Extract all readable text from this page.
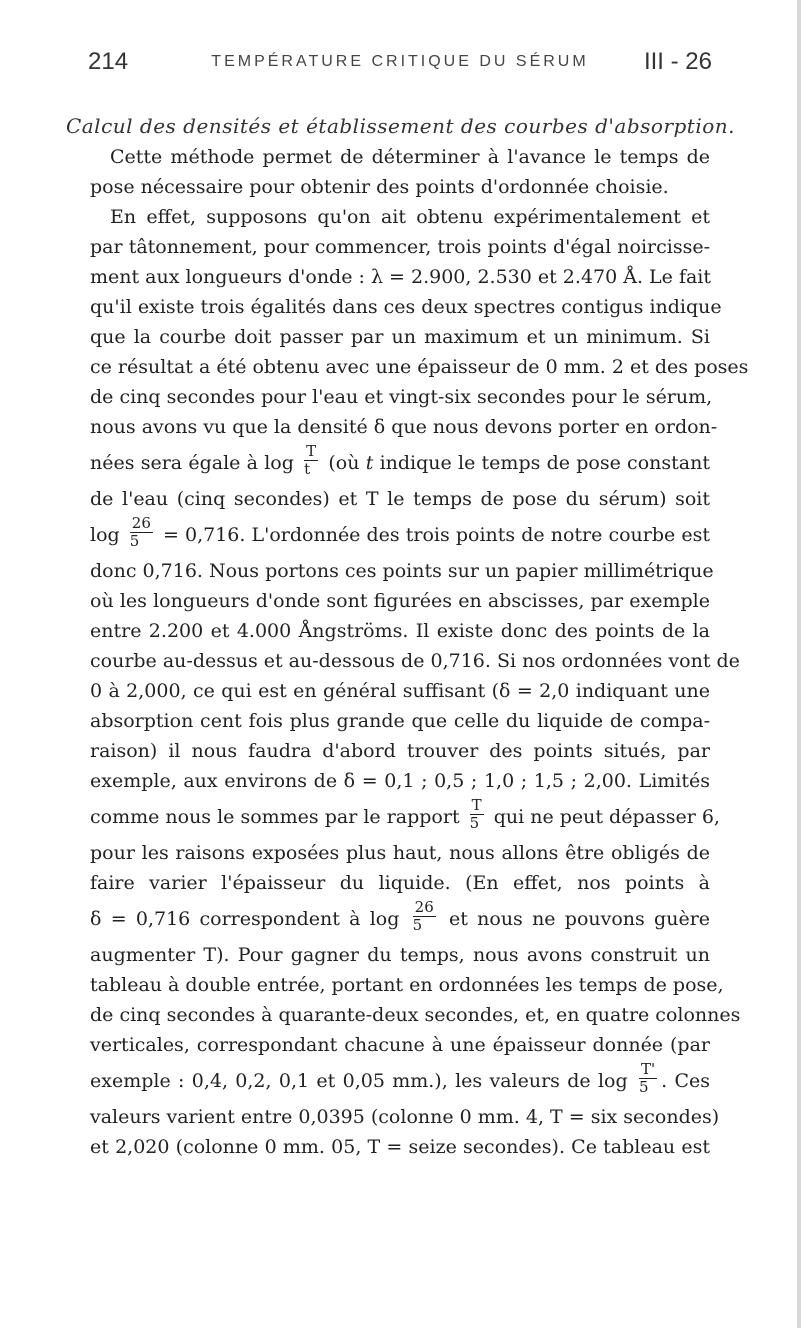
214	TEMPÉRATURE CRITIQUE DU SÉRUM	III - 26
Calcul des densités et établissement des courbes d'absorption.
Cette méthode permet de déterminer à l'avance le temps de
pose nécessaire pour obtenir des points d'ordonnée choisie.
En effet, supposons qu'on ait obtenu expérimentalement et
par tâtonnement, pour commencer, trois points d'égal noircisse-
ment aux longueurs d'onde : λ = 2.900, 2.530 et 2.470 Å. Le fait
qu'il existe trois égalités dans ces deux spectres contigus indique
que la courbe doit passer par un maximum et un minimum. Si
ce résultat a été obtenu avec une épaisseur de 0 mm. 2 et des poses
de cinq secondes pour l'eau et vingt-six secondes pour le sérum,
nous avons vu que la densité δ que nous devons porter en ordon-
nées sera égale à $\log \frac{T}{t}$ (où t indique le temps de pose constant
de l'eau (cinq secondes) et T le temps de pose du sérum) soit
$\log \frac{26}{5} = 0,716$. L'ordonnée des trois points de notre courbe est
donc 0,716. Nous portons ces points sur un papier millimétrique
où les longueurs d'onde sont figurées en abscisses, par exemple
entre 2.200 et 4.000 Ångströms. Il existe donc des points de la
courbe au-dessus et au-dessous de 0,716. Si nos ordonnées vont de
0 à 2,000, ce qui est en général suffisant (δ = 2,0 indiquant une
absorption cent fois plus grande que celle du liquide de compa-
raison) il nous faudra d'abord trouver des points situés, par
exemple, aux environs de δ = 0,1 ; 0,5 ; 1,0 ; 1,5 ; 2,00. Limités
comme nous le sommes par le rapport $\frac{T}{5}$ qui ne peut dépasser 6,
pour les raisons exposées plus haut, nous allons être obligés de
faire varier l'épaisseur du liquide. (En effet, nos points à
δ = 0,716 correspondent à $\log \frac{26}{5}$ et nous ne pouvons guère
augmenter T). Pour gagner du temps, nous avons construit un
tableau à double entrée, portant en ordonnées les temps de pose,
de cinq secondes à quarante-deux secondes, et, en quatre colonnes
verticales, correspondant chacune à une épaisseur donnée (par
exemple : 0,4, 0,2, 0,1 et 0,05 mm.), les valeurs de $\log \frac{T'}{5}$ . Ces
valeurs varient entre 0,0395 (colonne 0 mm. 4, T = six secondes)
et 2,020 (colonne 0 mm. 05, T = seize secondes). Ce tableau est
